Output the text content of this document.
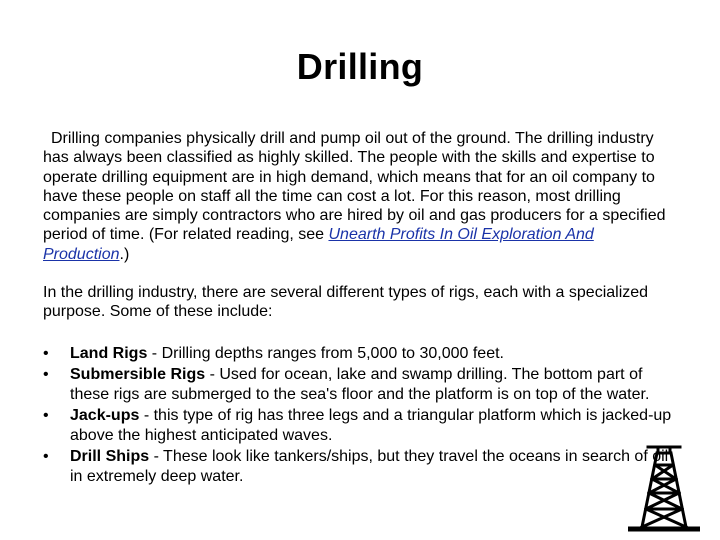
Drilling

Drilling companies physically drill and pump oil out of the ground. The drilling industry has always been classified as highly skilled. The people with the skills and expertise to operate drilling equipment are in high demand, which means that for an oil company to have these people on staff all the time can cost a lot. For this reason, most drilling companies are simply contractors who are hired by oil and gas producers for a specified period of time. (For related reading, see Unearth Profits In Oil Exploration And Production.)

In the drilling industry, there are several different types of rigs, each with a specialized purpose. Some of these include:

• Land Rigs - Drilling depths ranges from 5,000 to 30,000 feet.
• Submersible Rigs - Used for ocean, lake and swamp drilling. The bottom part of these rigs are submerged to the sea's floor and the platform is on top of the water.
• Jack-ups - this type of rig has three legs and a triangular platform which is jacked-up above the highest anticipated waves.
• Drill Ships - These look like tankers/ships, but they travel the oceans in search of oil in extremely deep water.
